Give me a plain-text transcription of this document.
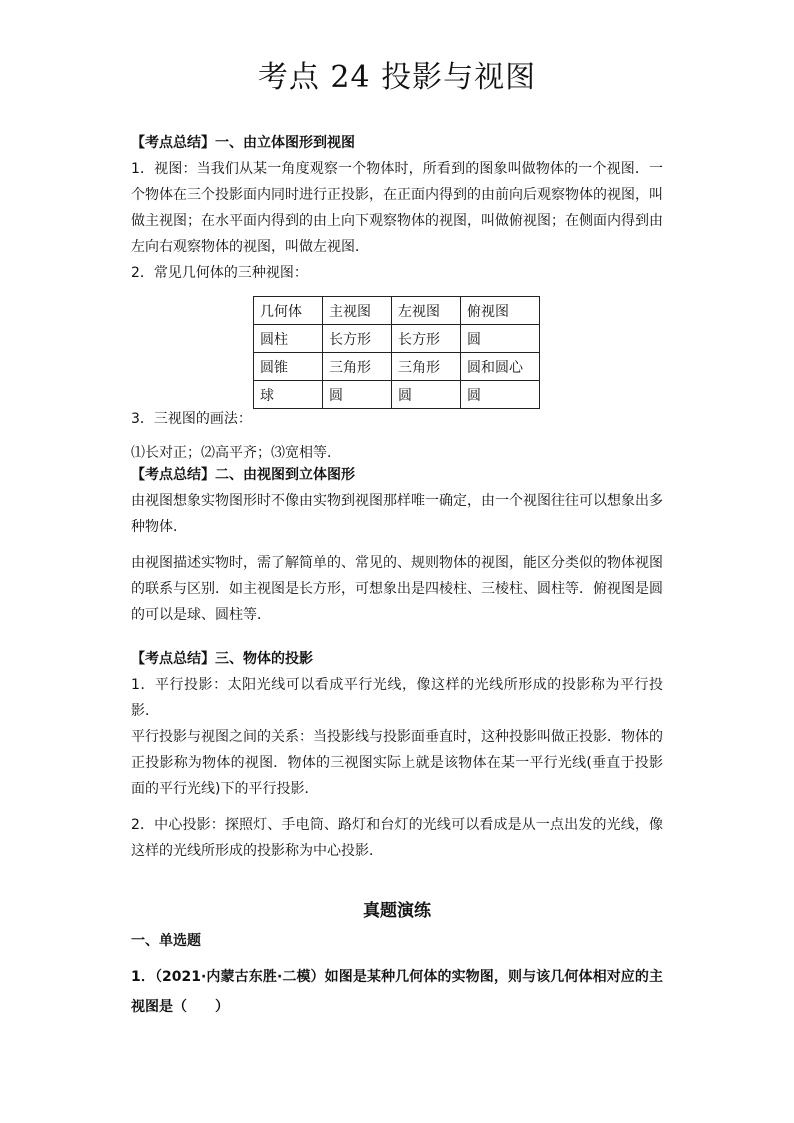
考点 24 投影与视图

【考点总结】一、由立体图形到视图

1．视图：当我们从某一角度观察一个物体时，所看到的图象叫做物体的一个视图．一个物体在三个投影面内同时进行正投影，在正面内得到的由前向后观察物体的视图，叫做主视图；在水平面内得到的由上向下观察物体的视图，叫做俯视图；在侧面内得到由左向右观察物体的视图，叫做左视图．

2．常见几何体的三种视图：

几何体	主视图	左视图	俯视图
圆柱	长方形	长方形	圆
圆锥	三角形	三角形	圆和圆心
球	圆	圆	圆

3．三视图的画法：

⑴长对正；⑵高平齐；⑶宽相等．

【考点总结】二、由视图到立体图形

由视图想象实物图形时不像由实物到视图那样唯一确定，由一个视图往往可以想象出多种物体．

由视图描述实物时，需了解简单的、常见的、规则物体的视图，能区分类似的物体视图的联系与区别．如主视图是长方形，可想象出是四棱柱、三棱柱、圆柱等．俯视图是圆的可以是球、圆柱等．

【考点总结】三、物体的投影

1．平行投影：太阳光线可以看成平行光线，像这样的光线所形成的投影称为平行投影．

平行投影与视图之间的关系：当投影线与投影面垂直时，这种投影叫做正投影．物体的正投影称为物体的视图．物体的三视图实际上就是该物体在某一平行光线(垂直于投影面的平行光线)下的平行投影．

2．中心投影：探照灯、手电筒、路灯和台灯的光线可以看成是从一点出发的光线，像这样的光线所形成的投影称为中心投影．

真题演练

一、单选题

1．（2021·内蒙古东胜·二模）如图是某种几何体的实物图，则与该几何体相对应的主视图是（　　）
